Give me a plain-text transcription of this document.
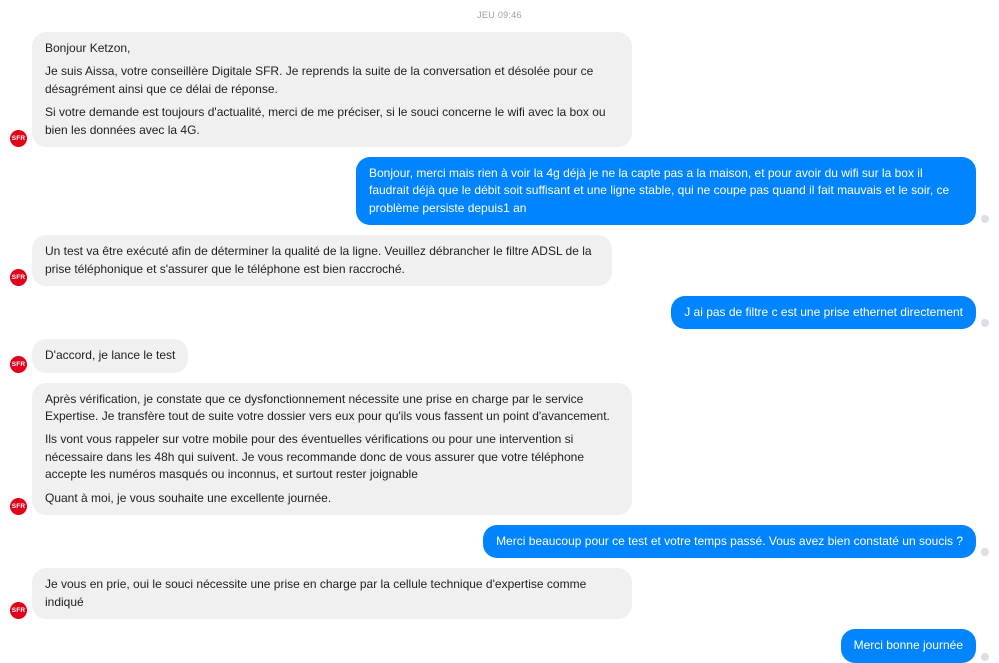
JEU 09:46
SFR

Bonjour Ketzon,

Je suis Aissa, votre conseillère Digitale SFR. Je reprends la suite de la conversation et désolée pour ce désagrément ainsi que ce délai de réponse.

Si votre demande est toujours d'actualité, merci de me préciser, si le souci concerne le wifi avec la box ou bien les données avec la 4G.

Bonjour, merci mais rien à voir la 4g déjà je ne la capte pas a la maison, et pour avoir du wifi sur la box il faudrait déjà que le débit soit suffisant et une ligne stable, qui ne coupe pas quand il fait mauvais et le soir, ce problème persiste depuis1 an

SFR

Un test va être exécuté afin de déterminer la qualité de la ligne. Veuillez débrancher le filtre ADSL de la prise téléphonique et s'assurer que le téléphone est bien raccroché.

J ai pas de filtre c est une prise ethernet directement

SFR

D'accord, je lance le test

SFR

Après vérification, je constate que ce dysfonctionnement nécessite une prise en charge par le service Expertise. Je transfère tout de suite votre dossier vers eux pour qu'ils vous fassent un point d'avancement.

Ils vont vous rappeler sur votre mobile pour des éventuelles vérifications ou pour une intervention si nécessaire dans les 48h qui suivent. Je vous recommande donc de vous assurer que votre téléphone accepte les numéros masqués ou inconnus, et surtout rester joignable

Quant à moi, je vous souhaite une excellente journée.

Merci beaucoup pour ce test et votre temps passé. Vous avez bien constaté un soucis ?

SFR

Je vous en prie, oui le souci nécessite une prise en charge par la cellule technique d'expertise comme indiqué

Merci bonne journée
